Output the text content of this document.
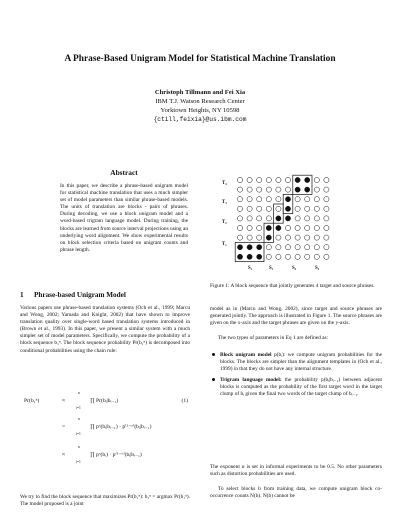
A Phrase-Based Unigram Model for Statistical Machine Translation
Christoph Tillmann and Fei Xia
IBM T.J. Watson Research Center
Yorktown Heights, NY 10598
{ctill,feixia}@us.ibm.com
Abstract
In this paper, we describe a phrase-based unigram model for statistical machine translation that uses a much simpler set of model parameters than similar phrase-based models. The units of translation are blocks - pairs of phrases. During decoding, we use a block unigram model and a word-based trigram language model. During training, the blocks are learned from source interval projections using an underlying word alignment. We show experimental results on block selection criteria based on unigram counts and phrase length.
1 Phrase-based Unigram Model
Various papers use phrase-based translation systems (Och et al., 1999; Marcu and Wong, 2002; Yamada and Knight, 2002) that have shown to improve translation quality over single-word based translation systems introduced in (Brown et al., 1993). In this paper, we present a similar system with a much simpler set of model parameters. Specifically, we compute the probability of a block sequence b₁ⁿ. The block sequence probability Pr(b₁ⁿ) is decomposed into conditional probabilities using the chain rule:
Pr(b₁ⁿ)	≈
n
i=1
∏ Pr(bᵢ|bᵢ₋₁)	(1)
=
n
i=1
∏ pᵅ(bᵢ|bᵢ₋₁) · p⁽¹⁻ᵅ⁾(bᵢ|bᵢ₋₁)
≈
n
i=1
∏ pᵅ(bᵢ) · p⁽¹⁻ᵅ⁾(bᵢ|bᵢ₋₁)
We try to find the block sequence that maximizes Pr(b₁ⁿ): b₁ⁿ = argmax Pr(b₁ⁿ). The model proposed is a joint
T₄
T₃
T₂
T₁
S₁	S₂	S₃	S₄
Figure 1: A block sequence that jointly generates 4 target and source phrases.
model as in (Marcu and Wong, 2002), since target and source phrases are generated jointly. The approach is illustrated in Figure 1. The source phrases are given on the x-axis and the target phrases are given on the y-axis.
The two types of parameters in Eq 1 are defined as:
Block unigram model p(bᵢ): we compute unigram probabilities for the blocks. The blocks are simpler than the alignment templates in (Och et al., 1999) in that they do not have any internal structure.
Trigram language model: the probability p(bᵢ|bᵢ₋₁) between adjacent blocks is computed as the probability of the first target word in the target clump of bᵢ given the final two words of the target clump of bᵢ₋₁.
The exponent α is set in informal experiments to be 0.5. No other parameters such as distortion probabilities are used.
To select blocks b from training data, we compute unigram block co-occurrence counts N(b). N(b) cannot be
